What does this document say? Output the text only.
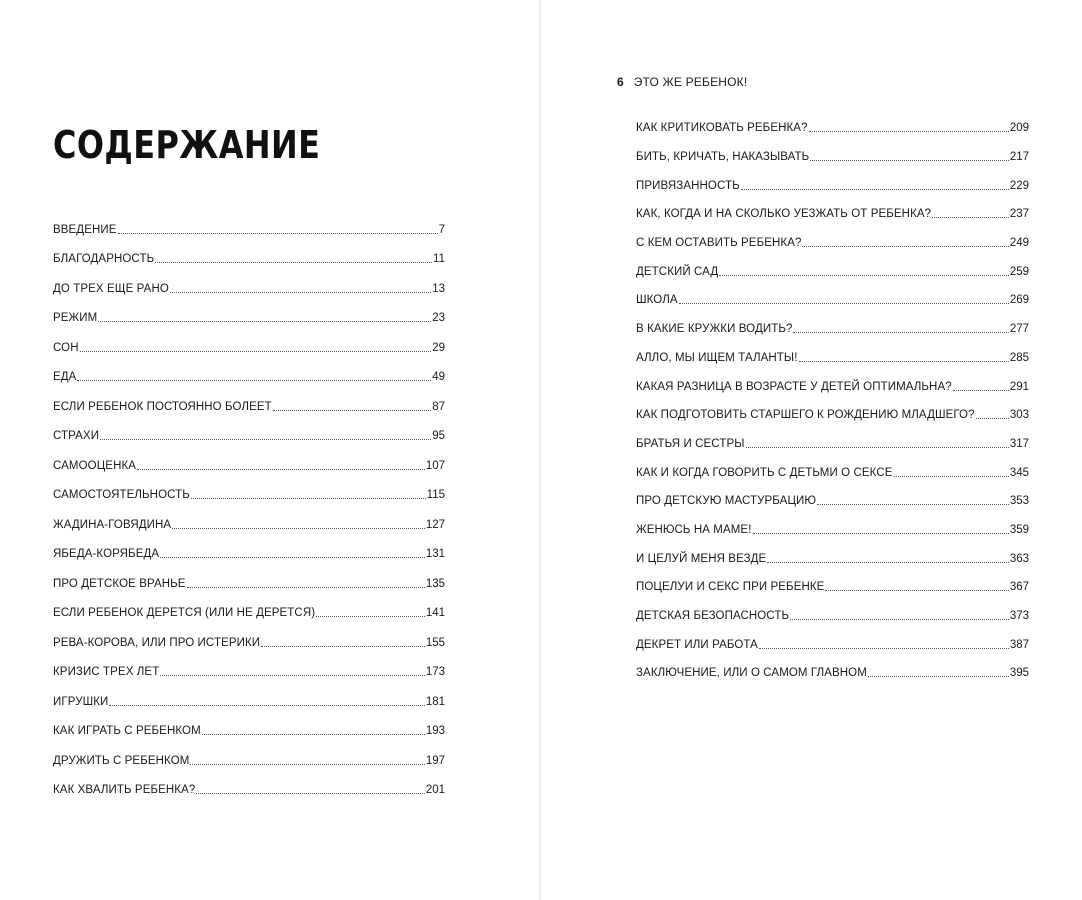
СОДЕРЖАНИЕ
ВВЕДЕНИЕ	7
БЛАГОДАРНОСТЬ	11
ДО ТРЕХ ЕЩЕ РАНО	13
РЕЖИМ	23
СОН	29
ЕДА	49
ЕСЛИ РЕБЕНОК ПОСТОЯННО БОЛЕЕТ	87
СТРАХИ	95
САМООЦЕНКА	107
САМОСТОЯТЕЛЬНОСТЬ	115
ЖАДИНА-ГОВЯДИНА	127
ЯБЕДА-КОРЯБЕДА	131
ПРО ДЕТСКОЕ ВРАНЬЕ	135
ЕСЛИ РЕБЕНОК ДЕРЕТСЯ (ИЛИ НЕ ДЕРЕТСЯ)	141
РЕВА-КОРОВА, ИЛИ ПРО ИСТЕРИКИ	155
КРИЗИС ТРЕХ ЛЕТ	173
ИГРУШКИ	181
КАК ИГРАТЬ С РЕБЕНКОМ	193
ДРУЖИТЬ С РЕБЕНКОМ	197
КАК ХВАЛИТЬ РЕБЕНКА?	201
6 ЭТО ЖЕ РЕБЕНОК!
КАК КРИТИКОВАТЬ РЕБЕНКА?	209
БИТЬ, КРИЧАТЬ, НАКАЗЫВАТЬ	217
ПРИВЯЗАННОСТЬ	229
КАК, КОГДА И НА СКОЛЬКО УЕЗЖАТЬ ОТ РЕБЕНКА?	237
С КЕМ ОСТАВИТЬ РЕБЕНКА?	249
ДЕТСКИЙ САД	259
ШКОЛА	269
В КАКИЕ КРУЖКИ ВОДИТЬ?	277
АЛЛО, МЫ ИЩЕМ ТАЛАНТЫ!	285
КАКАЯ РАЗНИЦА В ВОЗРАСТЕ У ДЕТЕЙ ОПТИМАЛЬНА?	291
КАК ПОДГОТОВИТЬ СТАРШЕГО К РОЖДЕНИЮ МЛАДШЕГО?	303
БРАТЬЯ И СЕСТРЫ	317
КАК И КОГДА ГОВОРИТЬ С ДЕТЬМИ О СЕКСЕ	345
ПРО ДЕТСКУЮ МАСТУРБАЦИЮ	353
ЖЕНЮСЬ НА МАМЕ!	359
И ЦЕЛУЙ МЕНЯ ВЕЗДЕ	363
ПОЦЕЛУИ И СЕКС ПРИ РЕБЕНКЕ	367
ДЕТСКАЯ БЕЗОПАСНОСТЬ	373
ДЕКРЕТ ИЛИ РАБОТА	387
ЗАКЛЮЧЕНИЕ, ИЛИ О САМОМ ГЛАВНОМ	395
